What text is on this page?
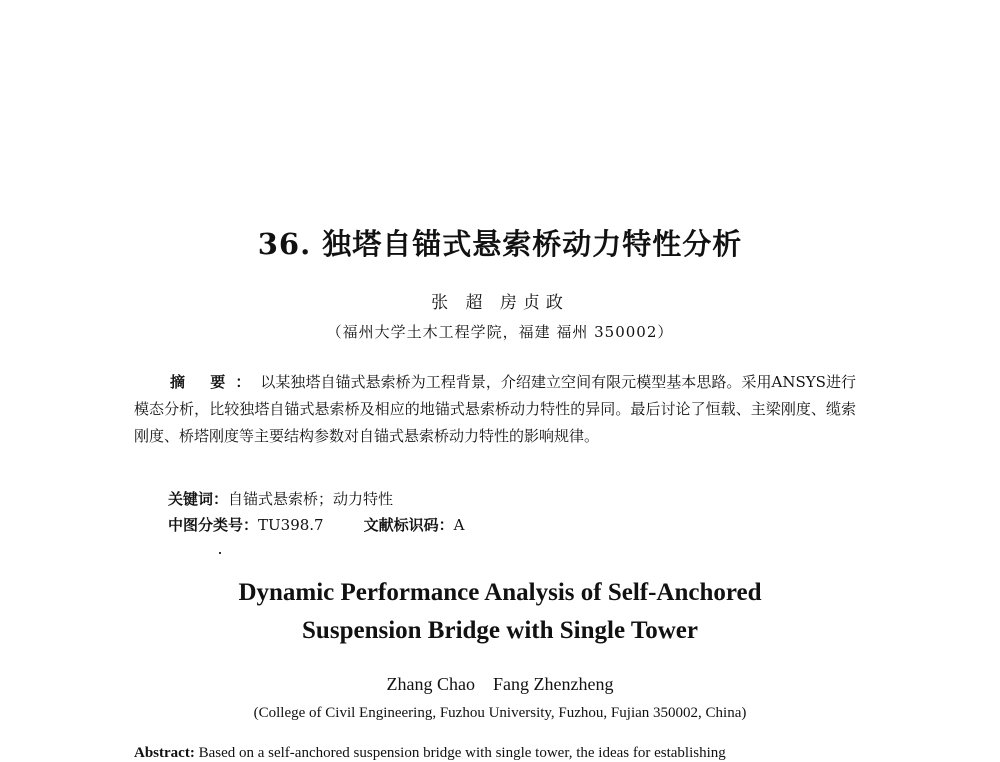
36. 独塔自锚式悬索桥动力特性分析
张 超 房贞政
（福州大学土木工程学院，福建 福州 350002）

摘 要：以某独塔自锚式悬索桥为工程背景，介绍建立空间有限元模型基本思路。采用ANSYS进行模态分析，比较独塔自锚式悬索桥及相应的地锚式悬索桥动力特性的异同。最后讨论了恒载、主梁刚度、缆索刚度、桥塔刚度等主要结构参数对自锚式悬索桥动力特性的影响规律。

关键词：自锚式悬索桥；动力特性

中图分类号：TU398.7	文献标识码：A

Dynamic Performance Analysis of Self-Anchored
Suspension Bridge with Single Tower
Zhang Chao Fang Zhenzheng
(College of Civil Engineering, Fuzhou University, Fuzhou, Fujian 350002, China)

Abstract: Based on a self-anchored suspension bridge with single tower, the ideas for establishing
